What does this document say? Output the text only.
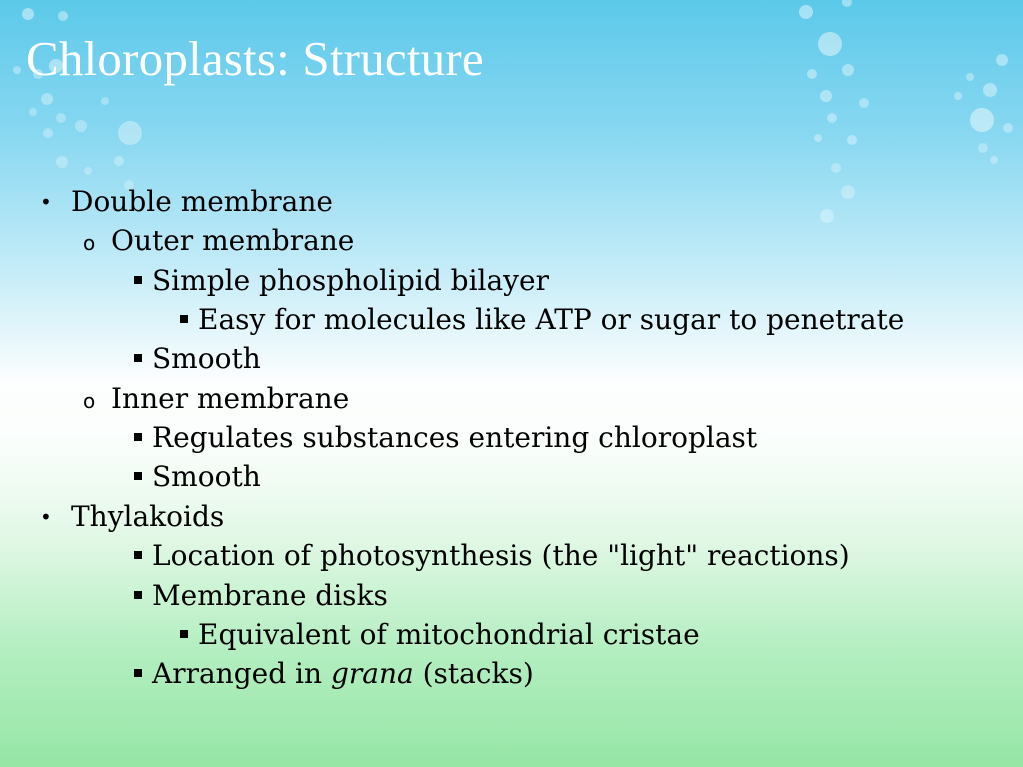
Chloroplasts: Structure
• Double membrane
o Outer membrane
Simple phospholipid bilayer
Easy for molecules like ATP or sugar to penetrate
Smooth
o Inner membrane
Regulates substances entering chloroplast
Smooth
• Thylakoids
Location of photosynthesis (the "light" reactions)
Membrane disks
Equivalent of mitochondrial cristae
Arranged in grana (stacks)
